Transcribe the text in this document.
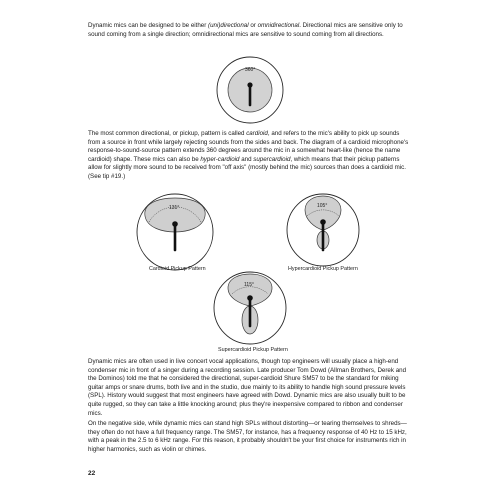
Dynamic mics can be designed to be either (uni)directional or omnidirectional. Directional mics are sensitive only to sound coming from a single direction; omnidirectional mics are sensitive to sound coming from all directions.

360°

The most common directional, or pickup, pattern is called cardioid, and refers to the mic's ability to pick up sounds from a source in front while largely rejecting sounds from the sides and back. The diagram of a cardioid microphone's response-to-sound-source pattern extends 360 degrees around the mic in a somewhat heart-like (hence the name cardioid) shape. These mics can also be hyper-cardioid and supercardioid, which means that their pickup patterns allow for slightly more sound to be received from "off axis" (mostly behind the mic) sources than does a cardioid mic. (See tip #19.)

131°
Cardioid Pickup Pattern
105°
Hypercardioid Pickup Pattern
115°
Supercardioid Pickup Pattern

Dynamic mics are often used in live concert vocal applications, though top engineers will usually place a high-end condenser mic in front of a singer during a recording session. Late producer Tom Dowd (Allman Brothers, Derek and the Dominos) told me that he considered the directional, super-cardioid Shure SM57 to be the standard for miking guitar amps or snare drums, both live and in the studio, due mainly to its ability to handle high sound pressure levels (SPL). History would suggest that most engineers have agreed with Dowd. Dynamic mics are also usually built to be quite rugged, so they can take a little knocking around; plus they're inexpensive compared to ribbon and condenser mics.

On the negative side, while dynamic mics can stand high SPLs without distorting—or tearing themselves to shreds—they often do not have a full frequency range. The SM57, for instance, has a frequency response of 40 Hz to 15 kHz, with a peak in the 2.5 to 6 kHz range. For this reason, it probably shouldn't be your first choice for instruments rich in higher harmonics, such as violin or chimes.

22
